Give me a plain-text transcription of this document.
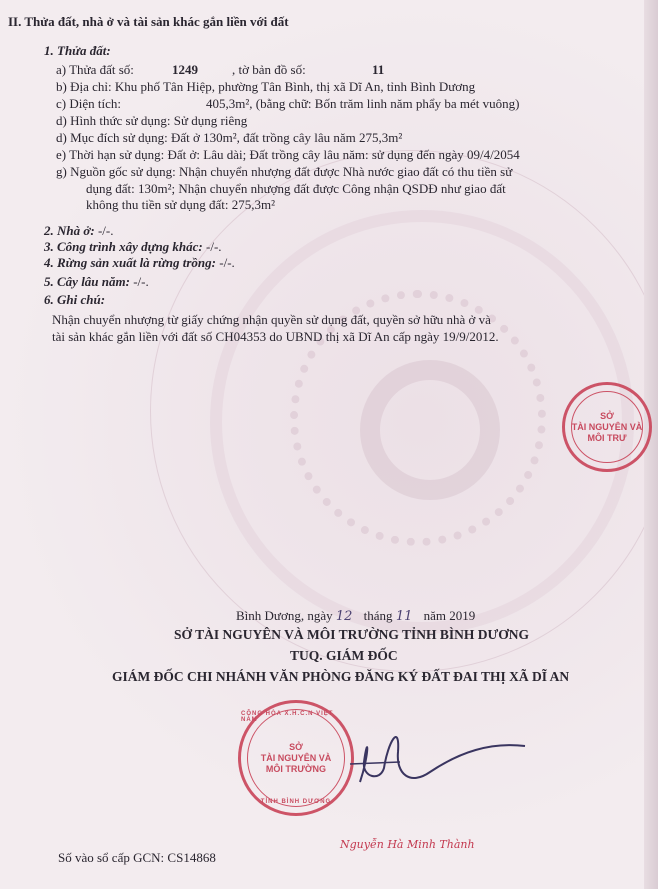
II. Thửa đất, nhà ở và tài sản khác gắn liền với đất
1. Thửa đất:
a) Thửa đất số:	1249	, tờ bản đồ số:	11
b) Địa chỉ: Khu phố Tân Hiệp, phường Tân Bình, thị xã Dĩ An, tỉnh Bình Dương
c) Diện tích:	405,3m², (bằng chữ: Bốn trăm linh năm phẩy ba mét vuông)
d) Hình thức sử dụng: Sử dụng riêng
d) Mục đích sử dụng: Đất ở 130m², đất trồng cây lâu năm 275,3m²
e) Thời hạn sử dụng: Đất ở: Lâu dài; Đất trồng cây lâu năm: sử dụng đến ngày 09/4/2054
g) Nguồn gốc sử dụng: Nhận chuyển nhượng đất được Nhà nước giao đất có thu tiền sử
dụng đất: 130m²; Nhận chuyển nhượng đất được Công nhận QSDĐ như giao đất
không thu tiền sử dụng đất: 275,3m²
2. Nhà ở: -/-.
3. Công trình xây dựng khác: -/-.
4. Rừng sản xuất là rừng trồng: -/-.
5. Cây lâu năm: -/-.
6. Ghi chú:
Nhận chuyển nhượng từ giấy chứng nhận quyền sử dụng đất, quyền sở hữu nhà ở và
tài sản khác gắn liền với đất số CH04353 do UBND thị xã Dĩ An cấp ngày 19/9/2012.
SỞ
TÀI NGUYÊN VÀ
MÔI TRƯ
Bình Dương, ngày 12 tháng 11 năm 2019
SỞ TÀI NGUYÊN VÀ MÔI TRƯỜNG TỈNH BÌNH DƯƠNG
TUQ. GIÁM ĐỐC
GIÁM ĐỐC CHI NHÁNH VĂN PHÒNG ĐĂNG KÝ ĐẤT ĐAI THỊ XÃ DĨ AN
CỘNG HÒA X.H.C.N VIỆT NAM
SỞ
TÀI NGUYÊN VÀ
MÔI TRƯỜNG
TỈNH BÌNH DƯƠNG
Nguyễn Hà Minh Thành
Số vào sổ cấp GCN: CS14868
